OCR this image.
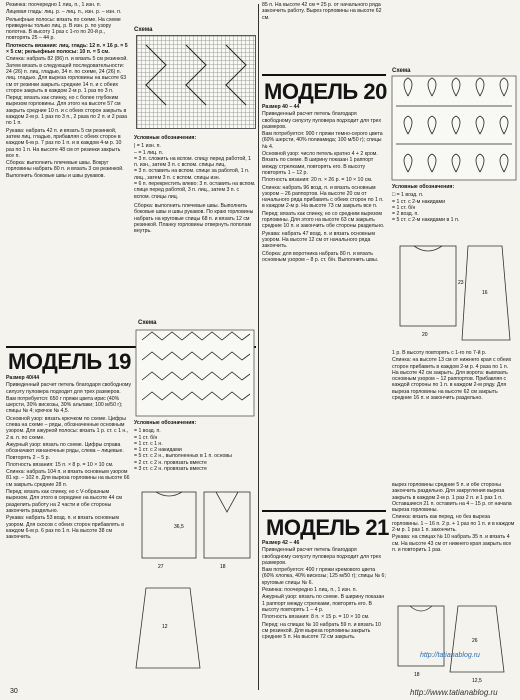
Резинка: поочередно 1 лиц. п., 1 изн. п.

Лицевая гладь: лиц. р. – лиц. п., изн. р. – изн. п.

Рельефные полосы: вязать по схеме. На схеме приведены только лиц. р. В изн. р. по узору полотна. В высоту 1 раз с 1-го по 20-й р., повторять 25 – 44 р.

Плотность вязания: лиц. гладь: 12 п. × 16 р. = 5 × 5 см; рельефные полосы: 10 п. = 5 см.

Спинка: набрать 82 (86) п. и вязать 5 см резинкой. Затем вязать в следующей последовательности: 24 (26) п. лиц. гладью, 34 п. по схеме, 24 (26) п. лиц. гладью. Для выреза горловины на высоте 63 см от резинки закрыть средние 14 п. и с обеих сторон закрыть в каждом 2-м р. 1 раз по 3 п.

Перед: вязать как спинку, но с более глубоким вырезом горловины. Для этого на высоте 57 см закрыть средние 10 п. и с обеих сторон закрыть в каждом 2-м р. 1 раз по 3 п., 2 раза по 2 п. и 2 раза по 1 п.

Рукава: набрать 42 п. и вязать 5 см резинкой, затем лиц. гладью, прибавляя с обеих сторон в каждом 6-м р. 7 раз по 1 п. и в каждом 4-м р. 10 раз по 1 п. На высоте 48 см от резинки закрыть все п.

Сборка: выполнить плечевые швы. Вокруг горловины набрать 80 п. и вязать 3 см резинкой. Выполнить боковые швы и швы рукавов.

Схема

Условные обозначения:

| = 1 изн. п.

– = 1 лиц. п.

= 3 п. сложить на вспом. спицу перед работой, 1 п. изн., затем 3 п. с вспом. спицы лиц.

= 3 п. оставить на вспом. спице за работой, 1 п. лиц., затем 3 п. с вспом. спицы изн.

= 6 п. перекрестить влево: 3 п. оставить на вспом. спице перед работой, 3 п. лиц., затем 3 п. с вспом. спицы лиц.

Сборка: выполнить плечевые швы. Выполнить боковые швы и швы рукавов. По краю горловины набрать на круговые спицы 68 п. и вязать 12 см резинкой. Планку горловины отвернуть пополам внутрь.

МОДЕЛЬ 19

Размер 40/44

Приведенный расчет петель благодаря свободному силуэту пуловера подходит для трех размеров.

Вам потребуется: 650 г пряжи цвета ирис (40% шерсти, 30% вискозы, 30% альпаки; 100 м/50 г); спицы № 4; крючок № 4,5.

Основной узор: вязать крючком по схеме. Цифры слева на схеме – ряды, обозначенные основным узором. Для ажурной полосы: вязать 1 р. ст. с 1 н., 2 в. п. по схеме.

Ажурный узор: вязать по схеме. Цифры справа обозначают изнаночные ряды, слева – лицевые. Повторять 2 – 5 р.

Плотность вязания: 15 п. × 8 р. = 10 × 10 см.

Спинка: набрать 104 п. и вязать основным узором 81 кр. – 102 п. Для выреза горловины на высоте 66 см закрыть средние 28 п.

Перед: вязать как спинку, но с V-образным вырезом. Для этого в середине на высоте 44 см разделить работу на 2 части и обе стороны закончить раздельно.

Рукава: набрать 53 возд. п. и вязать основным узором. Для скосов с обеих сторон прибавлять в каждом 6-м р. 6 раз по 1 п. На высоте 38 см закончить.

Схема

Условные обозначения:

= 1 возд. п.

= 1 ст. б/н

= 1 ст. с 1 н.

= 1 ст. с 2 накидами

= 5 ст. с 2 н., выполненных в 1 п. основы

= 2 ст. с 2 н. провязать вместе

= 3 ст. с 2 н. провязать вместе

27
36,5
18
12

85 п. На высоте 42 см = 25 р. от начального ряда закончить работу. Вырез горловины на высоте 62 см.

МОДЕЛЬ 20

Размер 40 – 44

Приведенный расчет петель благодаря свободному силуэту пуловера подходит для трех размеров.

Вам потребуется: 900 г пряжи темно-серого цвета (60% шерсти, 40% полиамида; 100 м/50 г); спицы № 4.

Основной узор: число петель кратно 4 + 2 кром. Вязать по схеме. В ширину показан 1 раппорт между стрелками, повторять его. В высоту повторять 1 – 12 р.

Плотность вязания: 20 п. × 26 р. = 10 × 10 см.

Спинка: набрать 96 возд. п. и вязать основным узором – 26 раппортов. На высоте 20 см от начального ряда прибавить с обеих сторон по 1 п. в каждом 2-м р. На высоте 73 см закрыть все п.

Перед: вязать как спинку, но со средним вырезом горловины. Для этого на высоте 63 см закрыть средние 10 п. и закончить обе стороны раздельно.

Рукава: набрать 47 возд. п. и вязать основным узором. На высоте 12 см от начального ряда закончить.

Сборка: для воротника набрать 80 п. и вязать основным узором – 8 р. ст. б/н. Выполнить швы.

Схема

Условные обозначения:

□ = 1 возд. п.

= 1 ст. с 2-м накидами

= 1 ст. б/н

= 2 возд. п.

= 5 ст. с 2-м накидами в 1 п.

20
16
23

1 р. В высоту повторять с 1-го по 7-й р.

Спинка: на высоте 13 см от нижнего края с обеих сторон прибавить в каждом 2-м р. 4 раза по 1 п. На высоте 42 см закрыть. Для ворота: вывязать основным узором – 12 раппортов. Прибавляя с каждой стороны по 1 п. в каждом 2-м ряду. Для выреза горловины на высоте 62 см закрыть средние 16 п. и закончить раздельно.

МОДЕЛЬ 21

Размер 42 – 46

Приведенный расчет петель благодаря свободному силуэту пуловера подходит для трех размеров.

Вам потребуется: 400 г пряжи кремового цвета (60% хлопка, 40% вискозы; 125 м/50 г); спицы № 6; круговые спицы № 6.

Резинка: поочередно 1 лиц. п., 1 изн. п.

Ажурный узор: вязать по схеме. В ширину показан 1 раппорт между стрелками, повторять его. В высоту повторять 1 – 4 р.

Плотность вязания: 8 п. × 15 р. = 10 × 10 см.

Перед: на спицах № 10 набрать 59 п. и вязать 10 см резинкой. Для выреза горловины закрыть средние 5 п. На высоте 72 см закрыть.

вырез горловины средние 5 п. и обе стороны закончить раздельно. Для закругления выреза закрыть в каждом 2-м р. 1 раз 2 п. и 1 раз 1 п. Оставшиеся 21 п. оставить на 4 – 15 р. от начала выреза горловины.

Спинка: вязать как перед, но без выреза горловины. 1 – 16 п. 2 р. + 1 раз по 1 п. и в каждом 2-м р. 1 раз 1 п. закончить.

Рукава: на спицах № 10 набрать 35 п. и вязать 4 см. На высоте 43 см от нижнего края закрыть все п. и повторить 1 раз.

18
26
12,5
30
http://tatianablog.ru
http://www.tatianablog.ru
